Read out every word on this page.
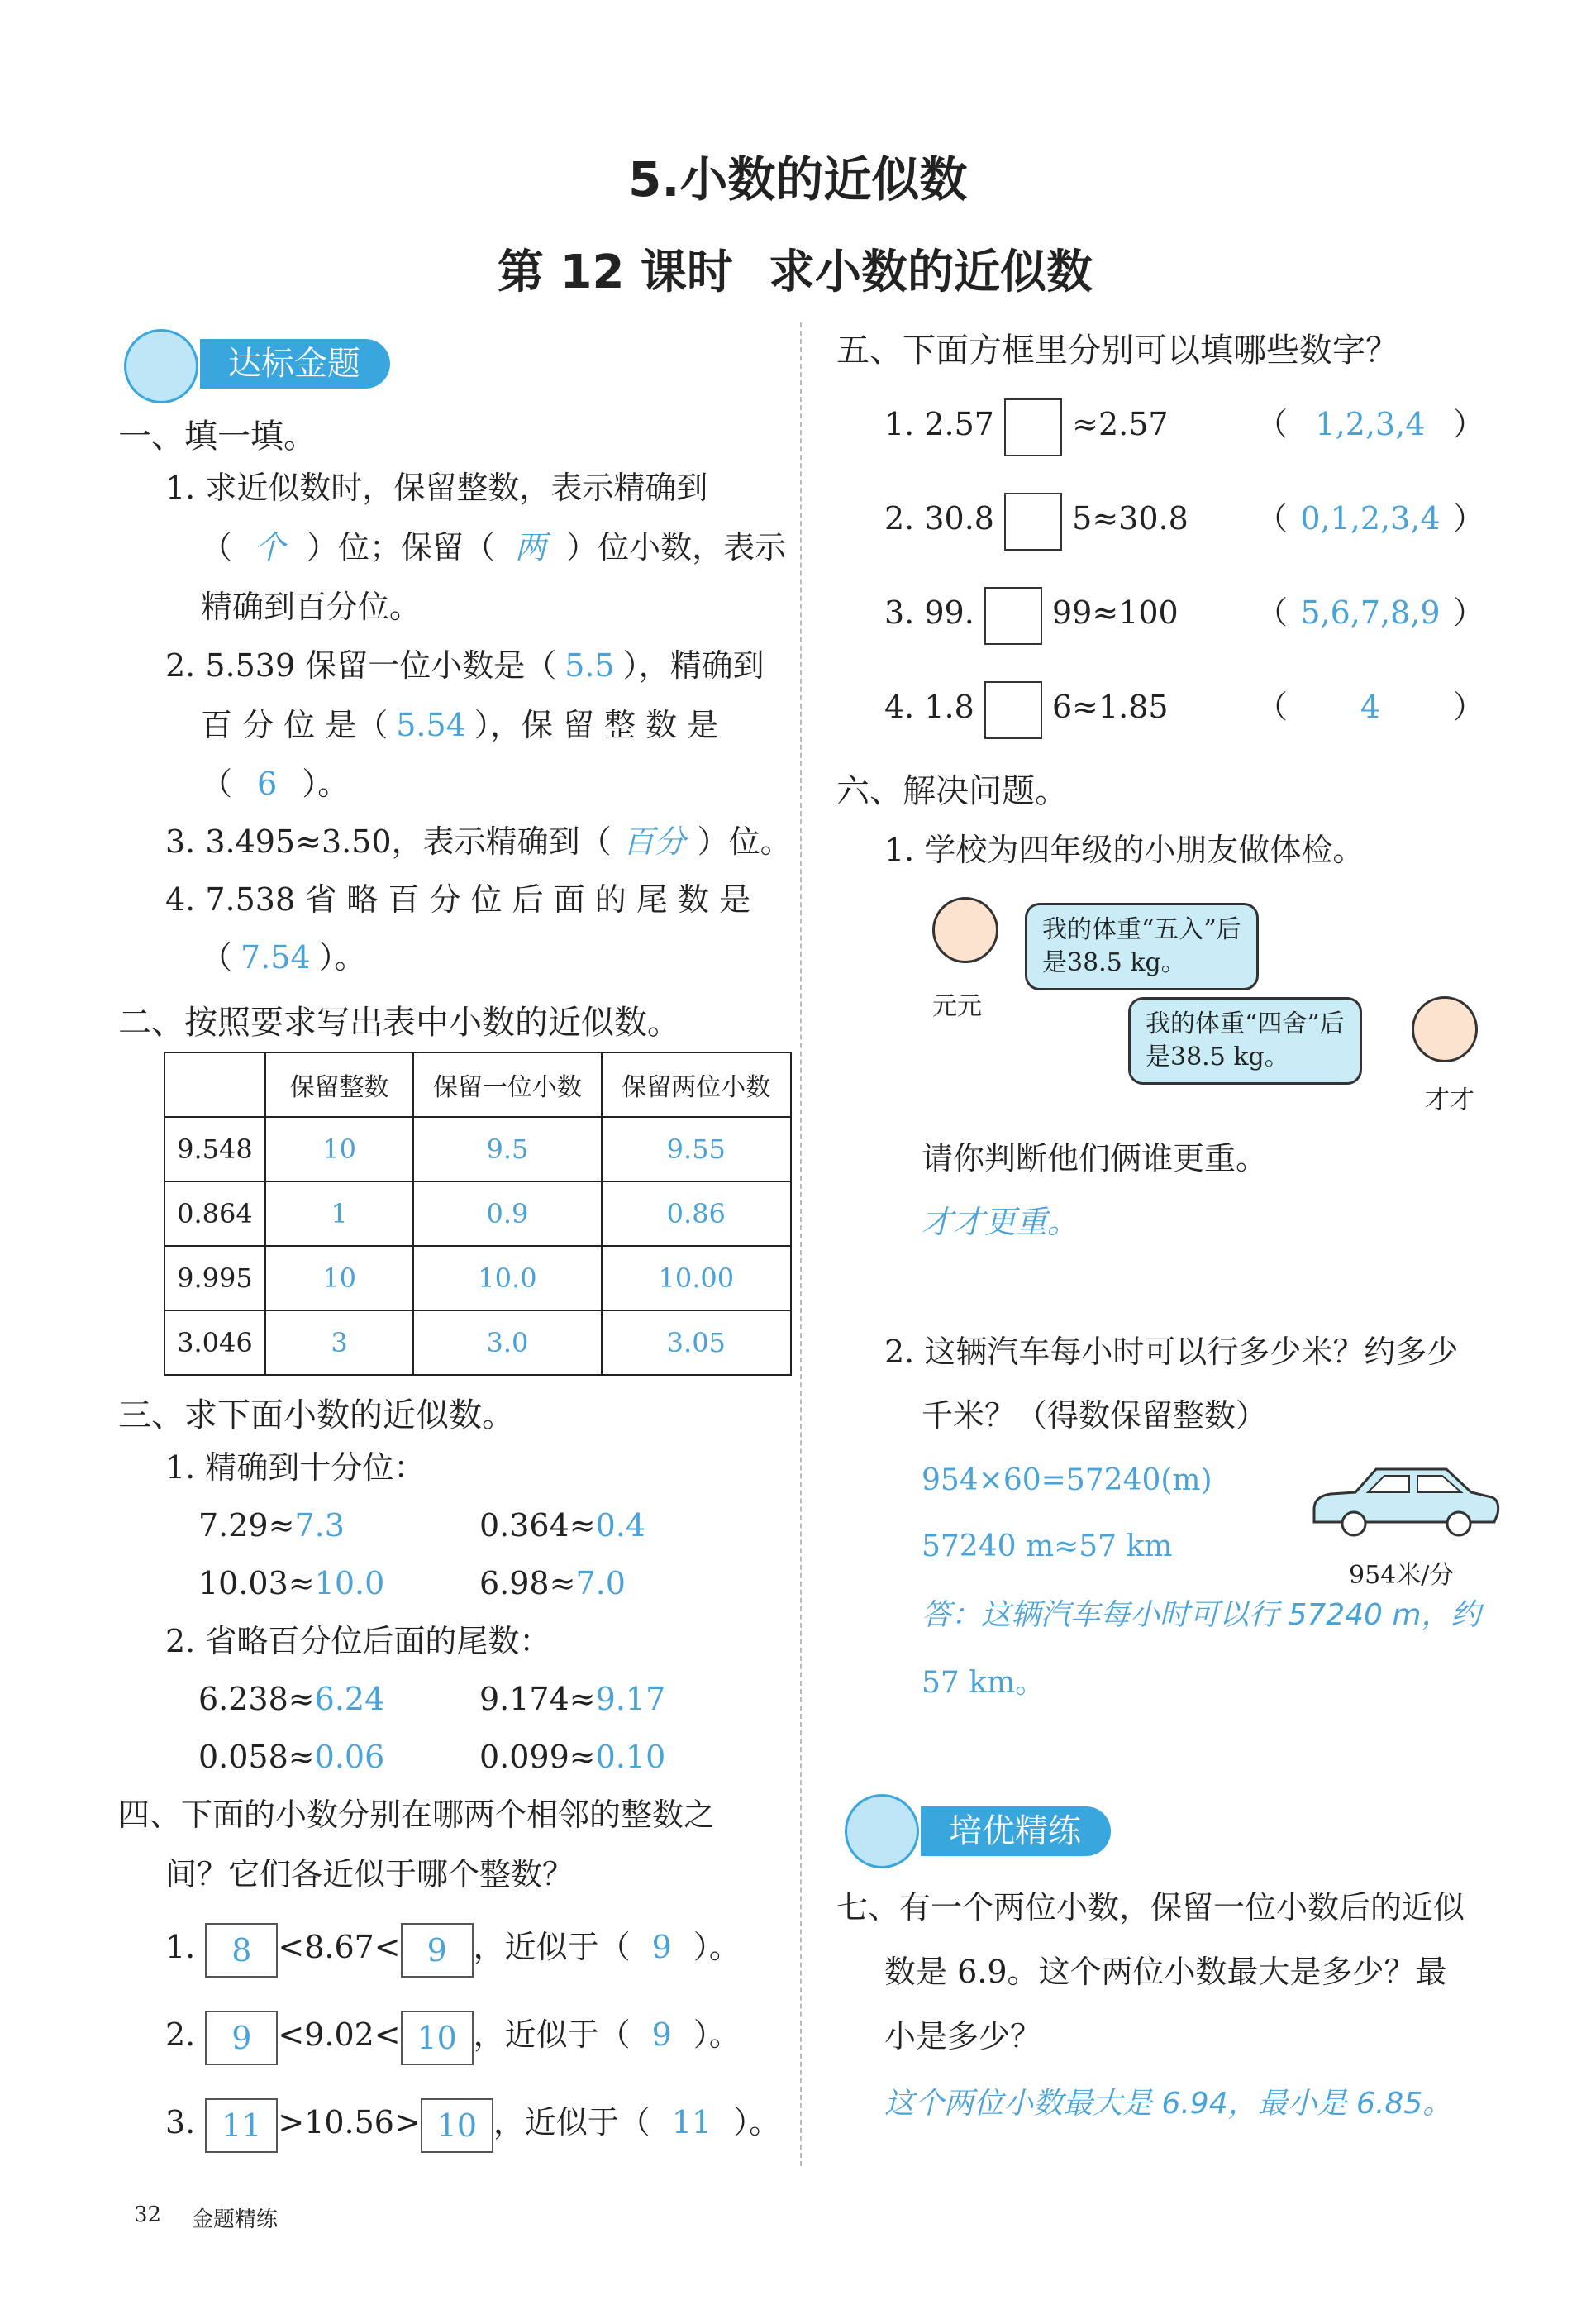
5.小数的近似数
第 12 课时 求小数的近似数
达标金题
一、填一填。
1. 求近似数时，保留整数，表示精确到
（ 个 ）位；保留（ 两 ）位小数，表示
精确到百分位。
2. 5.539 保留一位小数是（ 5.5 ），精确到
百 分 位 是（ 5.54 ），保 留 整 数 是
（ 6 ）。
3. 3.495≈3.50，表示精确到（ 百分 ）位。
4. 7.538 省 略 百 分 位 后 面 的 尾 数 是
（ 7.54 ）。
二、按照要求写出表中小数的近似数。
	保留整数	保留一位小数	保留两位小数
9.548	10	9.5	9.55
0.864	1	0.9	0.86
9.995	10	10.0	10.00
3.046	3	3.0	3.05
三、求下面小数的近似数。
1. 精确到十分位：
7.29≈7.3	0.364≈0.4
10.03≈10.0	6.98≈7.0
2. 省略百分位后面的尾数：
6.238≈6.24	9.174≈9.17
0.058≈0.06	0.099≈0.10
四、下面的小数分别在哪两个相邻的整数之
间？它们各近似于哪个整数？
1. 8 <8.67< 9 ，近似于（ 9 ）。
2. 9 <9.02< 10 ，近似于（ 9 ）。
3. 11 >10.56> 10 ，近似于（ 11 ）。
五、下面方框里分别可以填哪些数字？
1. 2.57 ≈2.57	（ 1,2,3,4 ）
2. 30.8 5≈30.8 （ 0,1,2,3,4 ）
3. 99. 99≈100 （ 5,6,7,8,9 ）
4. 1.8 6≈1.85	（ 4 ）
六、解决问题。
1. 学校为四年级的小朋友做体检。
元元
我的体重“五入”后
是38.5 kg。
我的体重“四舍”后
是38.5 kg。
才才
请你判断他们俩谁更重。
才才更重。
2. 这辆汽车每小时可以行多少米？约多少
千米？（得数保留整数）
954×60=57240(m)
57240 m≈57 km
答：这辆汽车每小时可以行 57240 m，约
57 km。
954米/分
培优精练
七、有一个两位小数，保留一位小数后的近似
数是 6.9。这个两位小数最大是多少？最
小是多少？
这个两位小数最大是 6.94，最小是 6.85。
32 金题精练
